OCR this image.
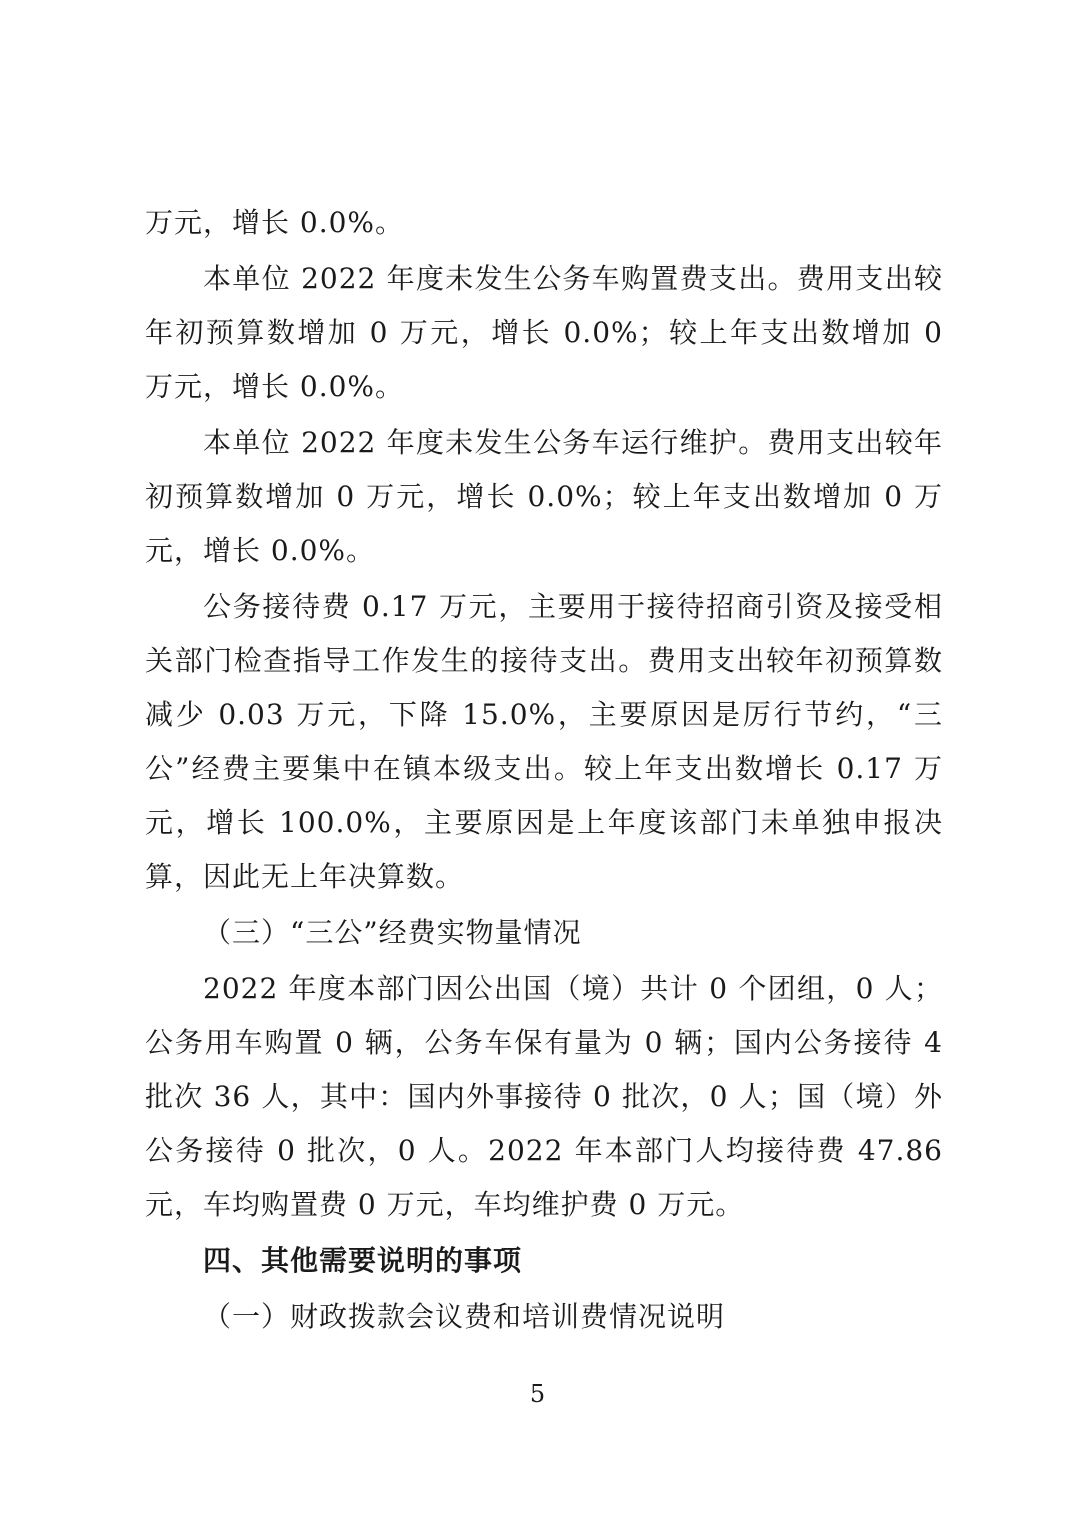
万元，增长 0.0%。

本单位 2022 年度未发生公务车购置费支出。费用支出较年初预算数增加 0 万元，增长 0.0%；较上年支出数增加 0 万元，增长 0.0%。

本单位 2022 年度未发生公务车运行维护。费用支出较年初预算数增加 0 万元，增长 0.0%；较上年支出数增加 0 万元，增长 0.0%。

公务接待费 0.17 万元，主要用于接待招商引资及接受相关部门检查指导工作发生的接待支出。费用支出较年初预算数减少 0.03 万元，下降 15.0%，主要原因是厉行节约，“三公”经费主要集中在镇本级支出。较上年支出数增长 0.17 万元，增长 100.0%，主要原因是上年度该部门未单独申报决算，因此无上年决算数。

（三）“三公”经费实物量情况

2022 年度本部门因公出国（境）共计 0 个团组，0 人；公务用车购置 0 辆，公务车保有量为 0 辆；国内公务接待 4 批次 36 人，其中：国内外事接待 0 批次，0 人；国（境）外公务接待 0 批次，0 人。2022 年本部门人均接待费 47.86 元，车均购置费 0 万元，车均维护费 0 万元。

四、其他需要说明的事项

（一）财政拨款会议费和培训费情况说明

5
